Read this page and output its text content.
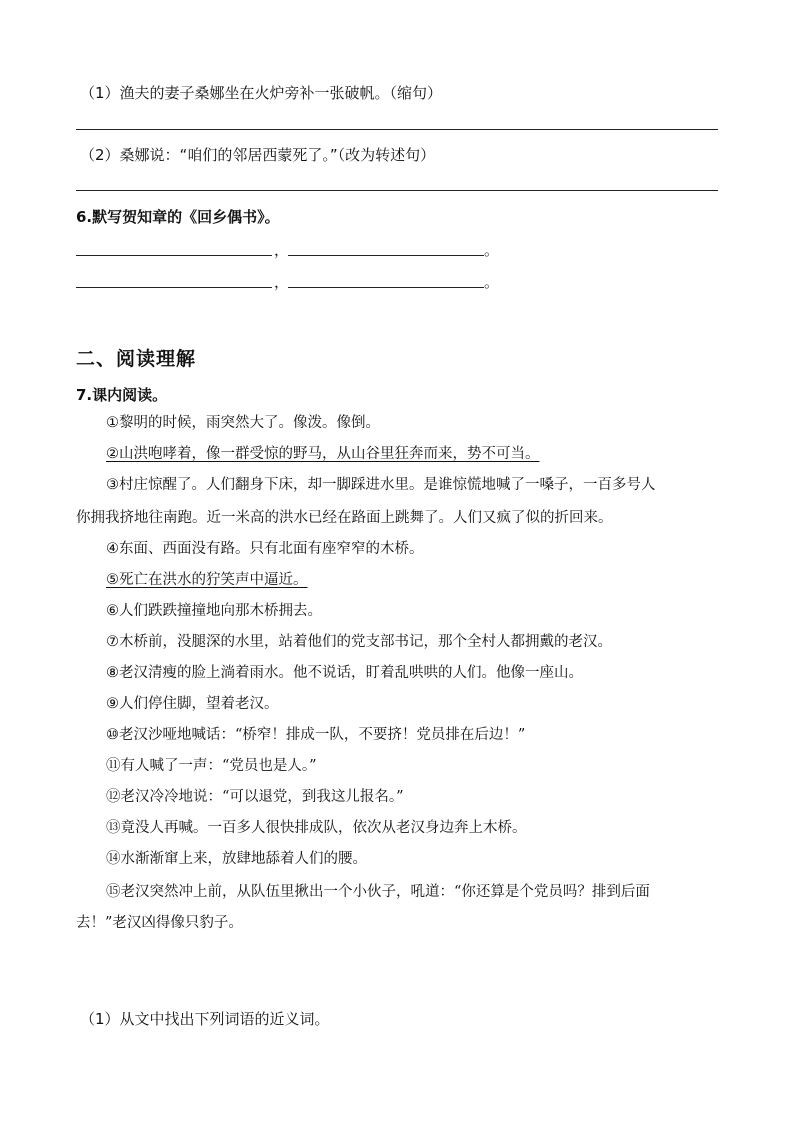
（1）渔夫的妻子桑娜坐在火炉旁补一张破帆。（缩句）
（2）桑娜说：“咱们的邻居西蒙死了。”（改为转述句）
6.默写贺知章的《回乡偶书》。
，	。
，	。
二、阅读理解
7.课内阅读。
①黎明的时候，雨突然大了。像泼。像倒。
②山洪咆哮着，像一群受惊的野马，从山谷里狂奔而来，势不可当。
③村庄惊醒了。人们翻身下床，却一脚踩进水里。是谁惊慌地喊了一嗓子，一百多号人
你拥我挤地往南跑。近一米高的洪水已经在路面上跳舞了。人们又疯了似的折回来。
④东面、西面没有路。只有北面有座窄窄的木桥。
⑤死亡在洪水的狞笑声中逼近。
⑥人们跌跌撞撞地向那木桥拥去。
⑦木桥前，没腿深的水里，站着他们的党支部书记，那个全村人都拥戴的老汉。
⑧老汉清瘦的脸上淌着雨水。他不说话，盯着乱哄哄的人们。他像一座山。
⑨人们停住脚，望着老汉。
⑩老汉沙哑地喊话：“桥窄！排成一队，不要挤！党员排在后边！”
⑪有人喊了一声：“党员也是人。”
⑫老汉冷冷地说：“可以退党，到我这儿报名。”
⑬竟没人再喊。一百多人很快排成队，依次从老汉身边奔上木桥。
⑭水渐渐窜上来，放肆地舔着人们的腰。
⑮老汉突然冲上前，从队伍里揪出一个小伙子，吼道：“你还算是个党员吗？排到后面
去！”老汉凶得像只豹子。
（1）从文中找出下列词语的近义词。
